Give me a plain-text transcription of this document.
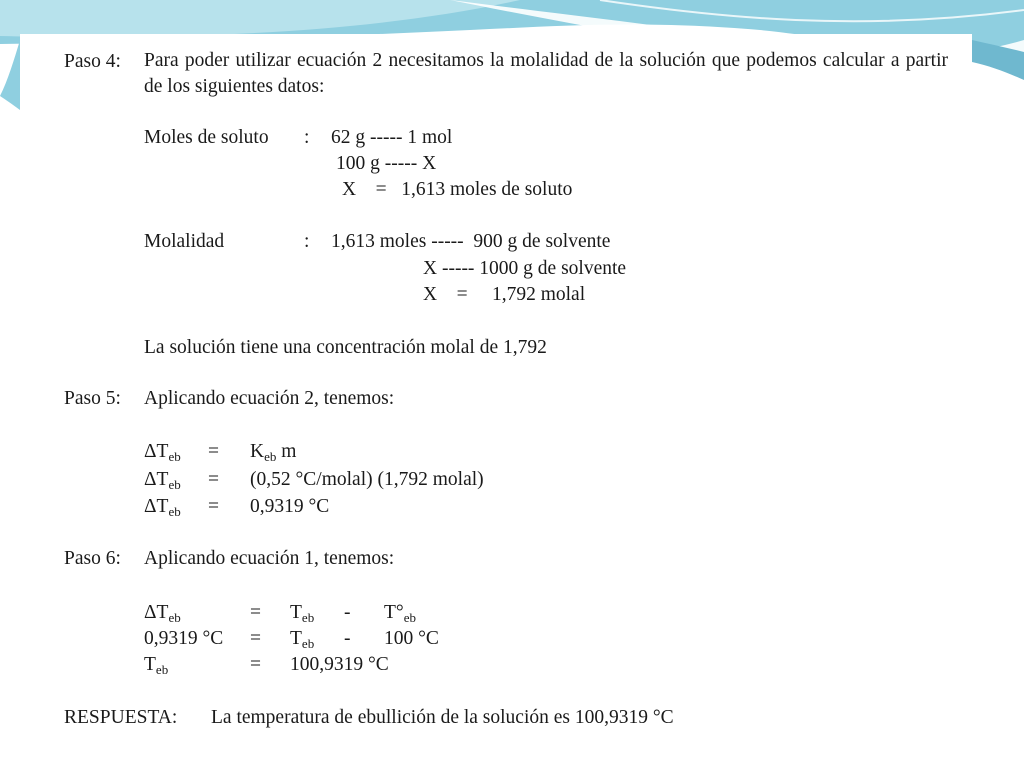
Paso 4: Para poder utilizar ecuación 2 necesitamos la molalidad de la solución que podemos calcular a partir de los siguientes datos:

Moles de soluto : 62 g ----- 1 mol

100 g ----- X

X    =   1,613 moles de soluto

Molalidad	: 1,613 moles -----  900 g de solvente

X ----- 1000 g de solvente

X    =     1,792 molal

La solución tiene una concentración molal de 1,792

Paso 5: Aplicando ecuación 2, tenemos:

$\Delta T_{eb} = K_{eb}$ m

$\Delta T_{eb} = (0,52$ °C/molal) (1,792 molal)

$\Delta T_{eb} = 0,9319$ °C

Paso 6: Aplicando ecuación 1, tenemos:

$\Delta T_{eb}$	= $T_{eb} - T^\circ_{eb}$

0,9319 $^\circ C = T_{eb} - 100$ °C

$T_{eb}$	= 100,9319 °C

RESPUESTA: La temperatura de ebullición de la solución es 100,9319 °C
